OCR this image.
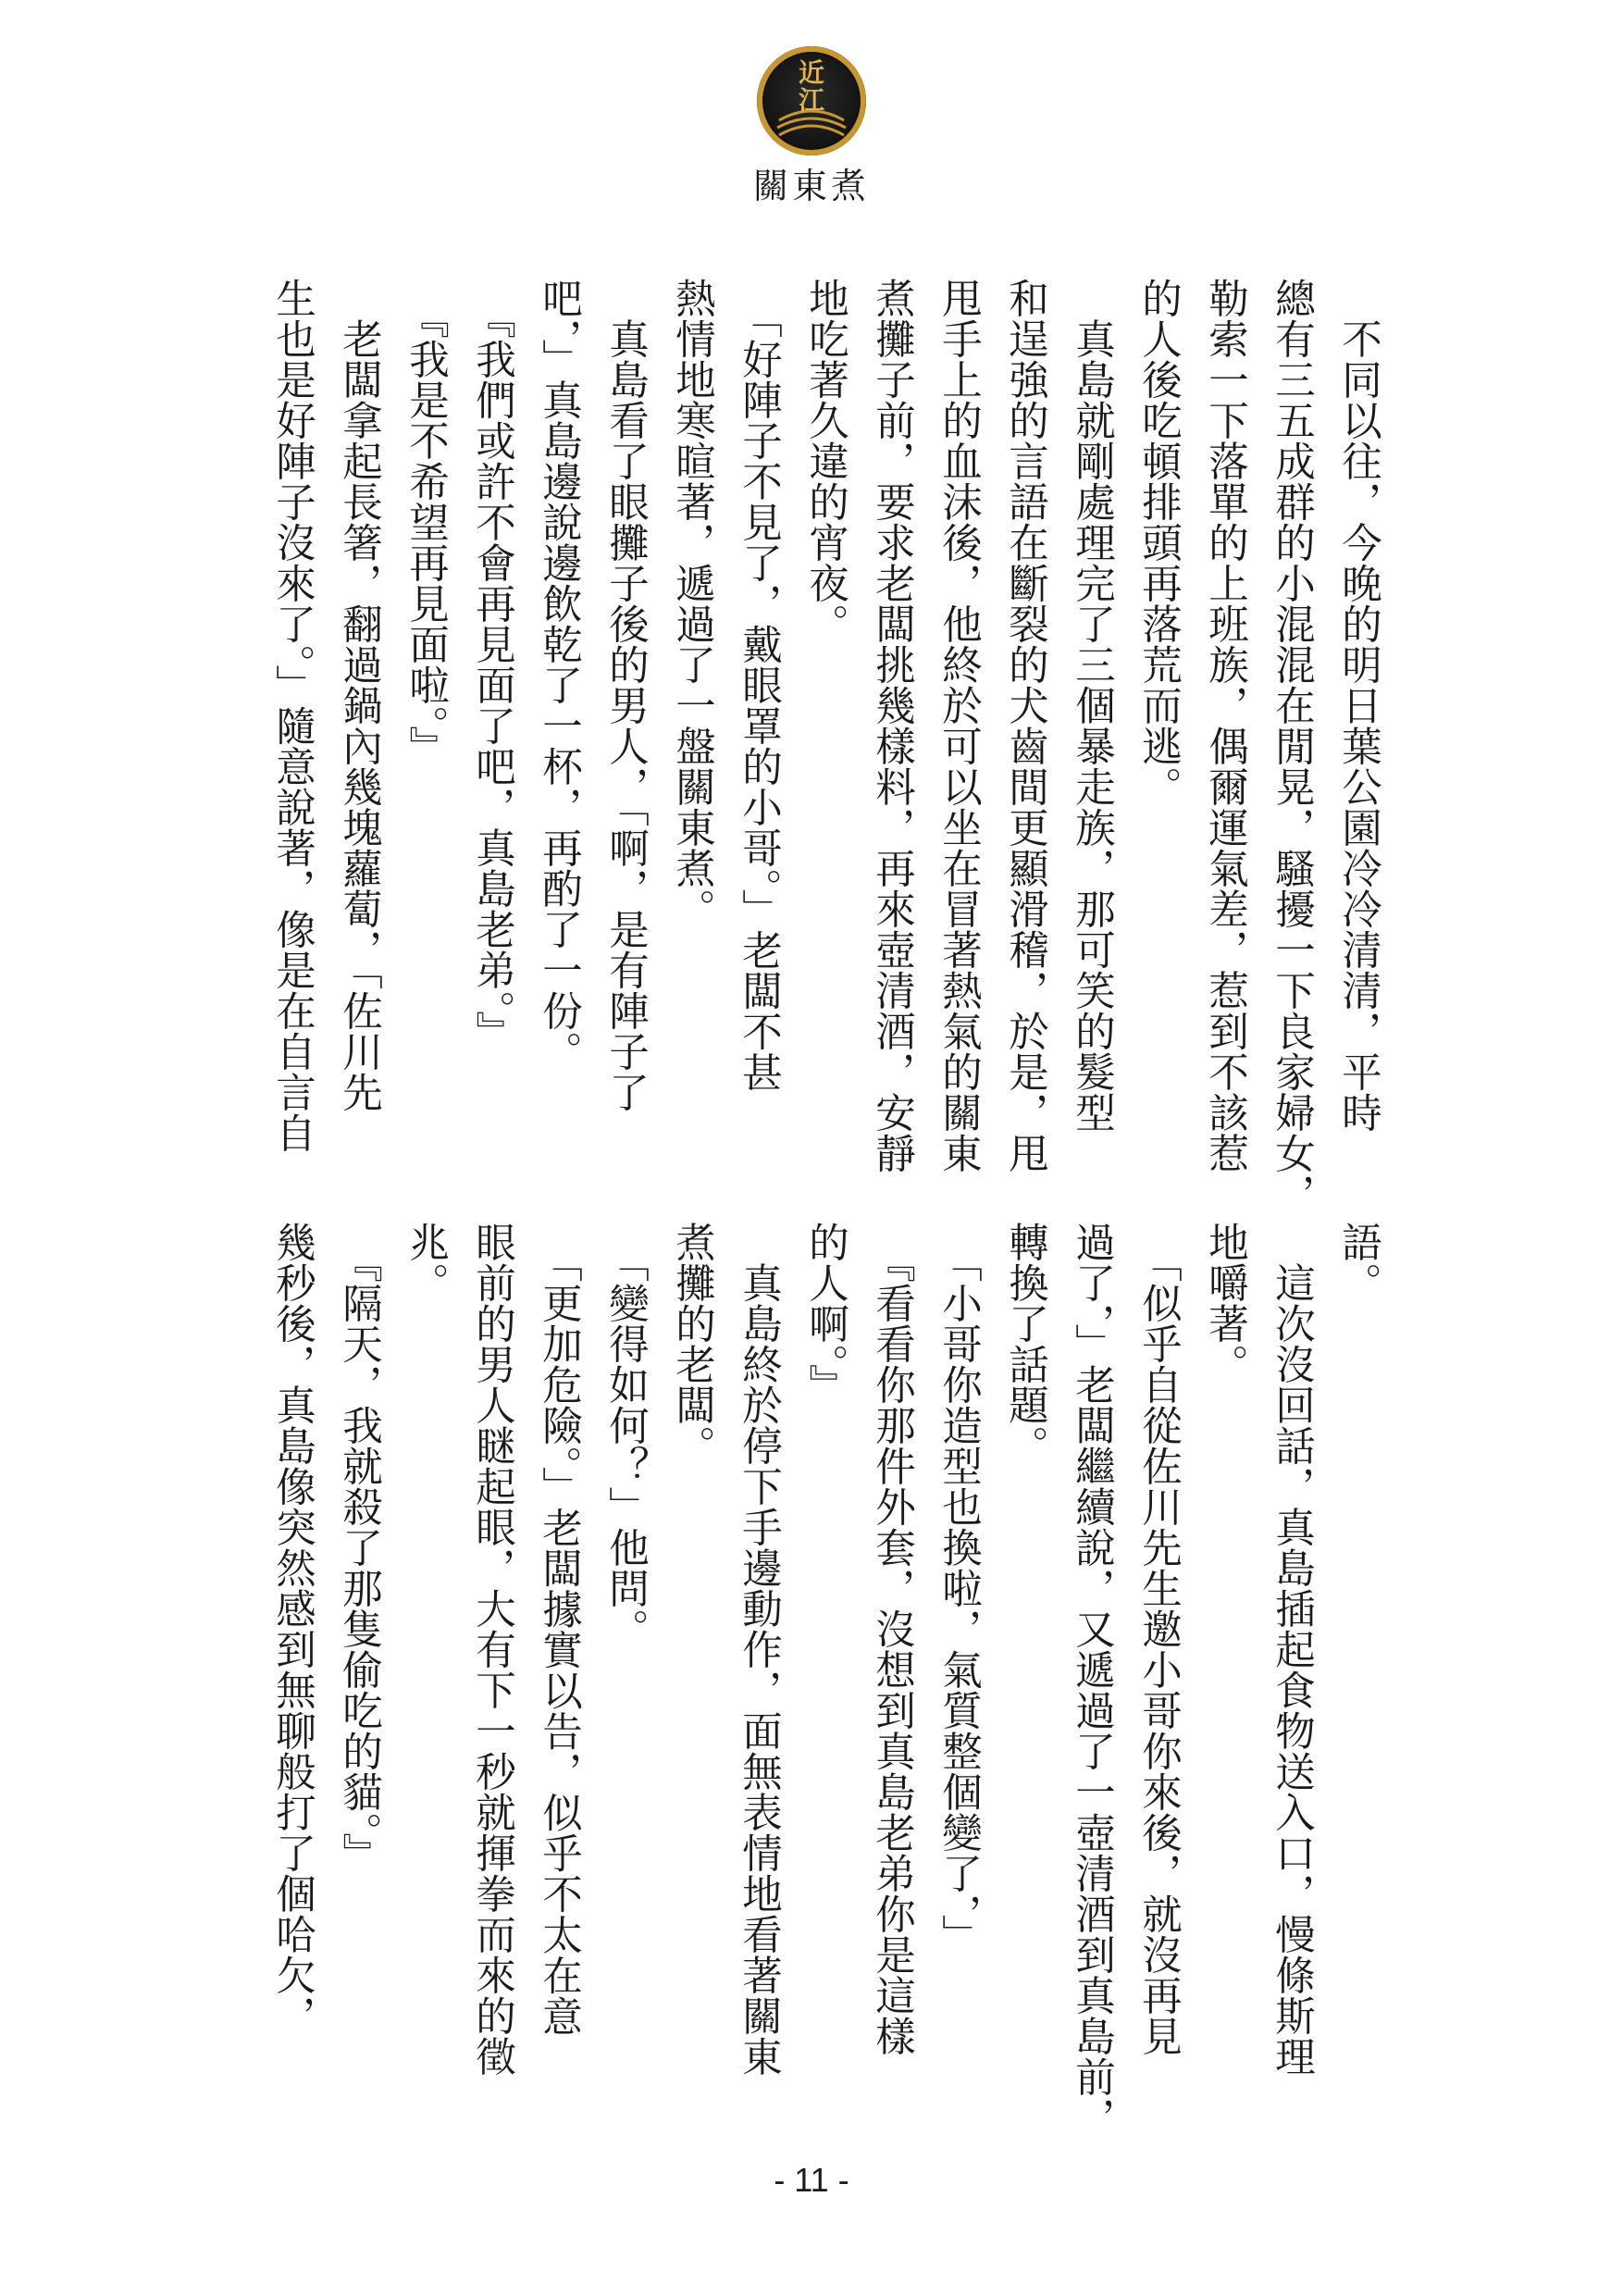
近
江
關東煮

　不同以往，今晚的明日葉公園冷冷清清，平時

總有三五成群的小混混在閒晃，騷擾一下良家婦女，

勒索一下落單的上班族，偶爾運氣差，惹到不該惹

的人後吃頓排頭再落荒而逃。

　真島就剛處理完了三個暴走族，那可笑的髮型

和逞強的言語在斷裂的犬齒間更顯滑稽，於是，甩

甩手上的血沫後，他終於可以坐在冒著熱氣的關東

煮攤子前，要求老闆挑幾樣料，再來壺清酒，安靜

地吃著久違的宵夜。

　「好陣子不見了，戴眼罩的小哥。」老闆不甚

熱情地寒暄著，遞過了一盤關東煮。

　真島看了眼攤子後的男人，「啊，是有陣子了

吧，」真島邊說邊飲乾了一杯，再酌了一份。

　『我們或許不會再見面了吧，真島老弟。』

　『我是不希望再見面啦。』

　老闆拿起長箸，翻過鍋內幾塊蘿蔔，「佐川先

生也是好陣子沒來了。」隨意說著，像是在自言自

語。

　這次沒回話，真島插起食物送入口，慢條斯理

地嚼著。

　「似乎自從佐川先生邀小哥你來後，就沒再見

過了，」老闆繼續說，又遞過了一壺清酒到真島前，

轉換了話題。

　「小哥你造型也換啦，氣質整個變了，」

　『看看你那件外套，沒想到真島老弟你是這樣

的人啊。』

　真島終於停下手邊動作，面無表情地看著關東

煮攤的老闆。

　「變得如何？」他問。

　「更加危險。」老闆據實以告，似乎不太在意

眼前的男人瞇起眼，大有下一秒就揮拳而來的徵

兆。

　『隔天，我就殺了那隻偷吃的貓。』

幾秒後，真島像突然感到無聊般打了個哈欠，

- 11 -
